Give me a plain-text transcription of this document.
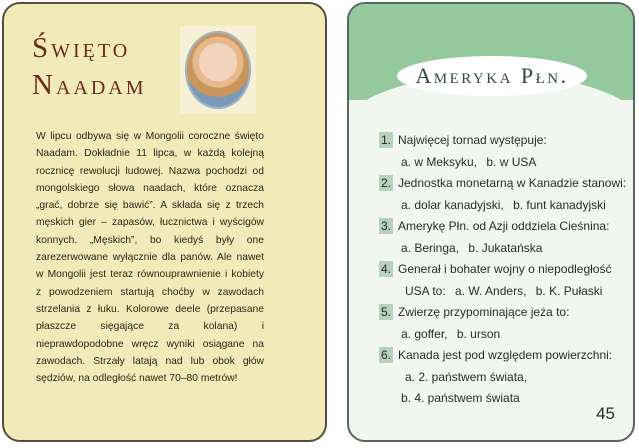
Święto
Naadam
W lipcu odbywa się w Mongolii coroczne święto Naadam. Dokładnie 11 lipca, w każdą kolejną rocznicę rewolucji ludowej. Nazwa pochodzi od mongolskiego słowa naadach, które oznacza „grać, dobrze się bawić”. A składa się z trzech męskich gier – zapasów, łucznictwa i wyścigów konnych. „Męskich”, bo kiedyś były one zarezerwowane wyłącznie dla panów. Ale nawet w Mongolii jest teraz równouprawnienie i kobiety z powodzeniem startują choćby w zawodach strzelania z łuku. Kolorowe deele (przepasane płaszcze sięgające za kolana) i nieprawdopodobne wręcz wyniki osiągane na zawodach. Strzały latają nad lub obok głów sędziów, na odległość nawet 70–80 metrów!
Ameryka Płn.
1. Najwięcej tornad występuje:
a. w Meksyku, b. w USA
2. Jednostka monetarną w Kanadzie stanowi:
a. dolar kanadyjski, b. funt kanadyjski
3. Amerykę Płn. od Azji oddziela Cieśnina:
a. Beringa, b. Jukatańska
4. Generał i bohater wojny o niepodległość
USA to: a. W. Anders, b. K. Pułaski
5. Zwierzę przypominające jeża to:
a. goffer, b. urson
6. Kanada jest pod względem powierzchni:
a. 2. państwem świata,
b. 4. państwem świata
45
